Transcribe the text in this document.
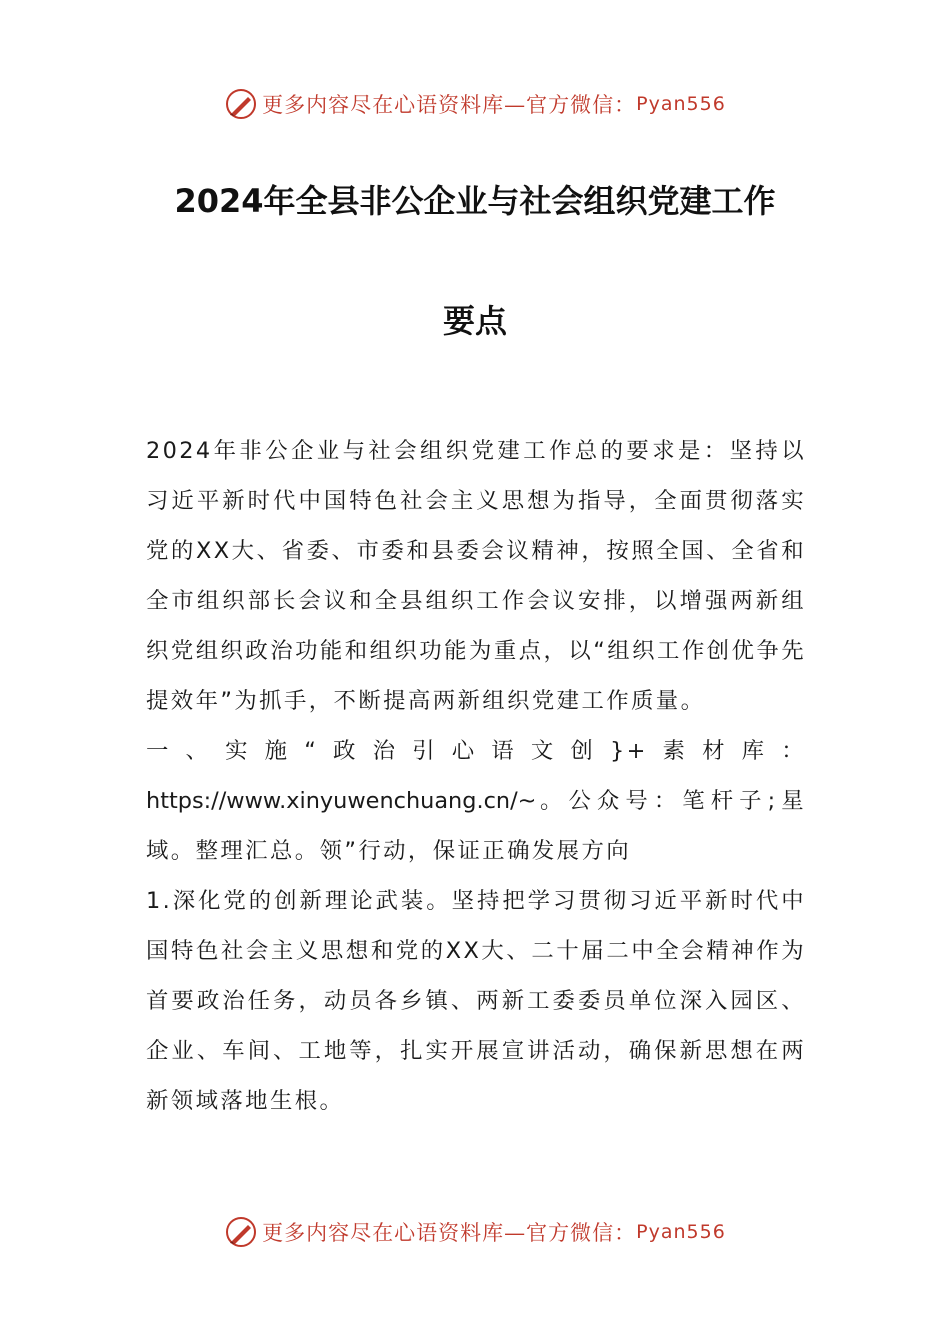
更多内容尽在心语资料库—官方微信： Pyan556
2024年全县非公企业与社会组织党建工作
要点

2024年非公企业与社会组织党建工作总的要求是：坚持以习近平新时代中国特色社会主义思想为指导，全面贯彻落实党的XX大、省委、市委和县委会议精神，按照全国、全省和全市组织部长会议和全县组织工作会议安排，以增强两新组织党组织政治功能和组织功能为重点，以“组织工作创优争先提效年”为抓手，不断提高两新组织党建工作质量。

一、实施“政治引心语文创}+素材库：https://www.xinyuwenchuang.cn/~。公众号：笔杆子;星域。整理汇总。领”行动，保证正确发展方向

1.深化党的创新理论武装。坚持把学习贯彻习近平新时代中国特色社会主义思想和党的XX大、二十届二中全会精神作为首要政治任务，动员各乡镇、两新工委委员单位深入园区、企业、车间、工地等，扎实开展宣讲活动，确保新思想在两新领域落地生根。

更多内容尽在心语资料库—官方微信： Pyan556
